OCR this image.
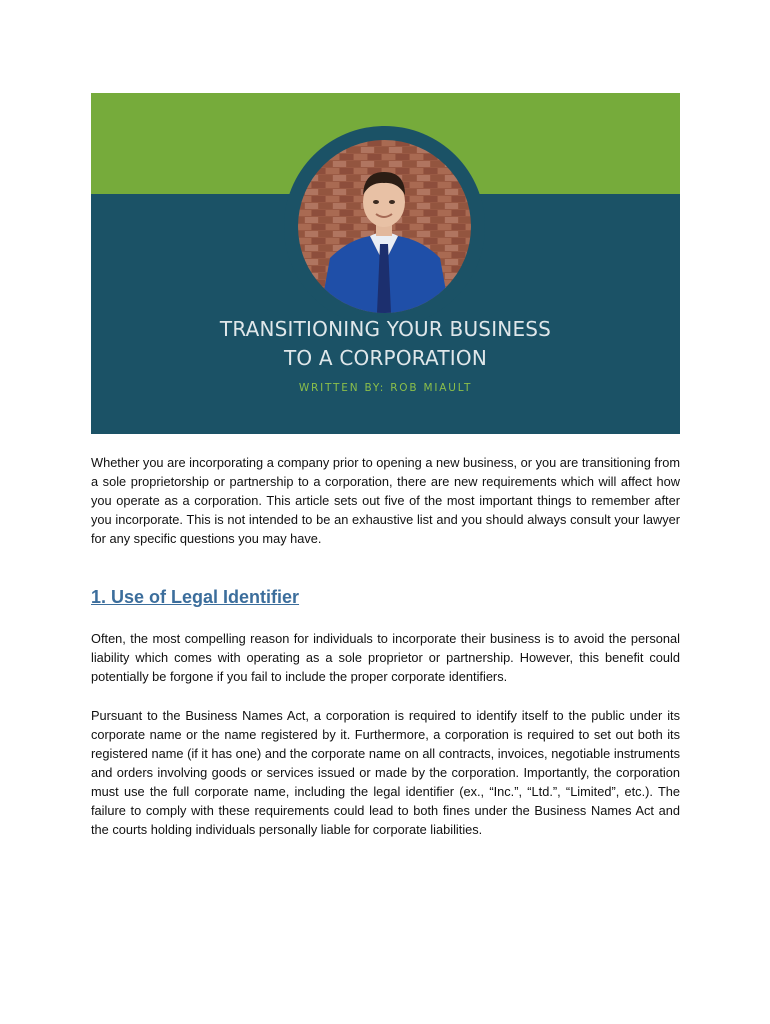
TRANSITIONING YOUR BUSINESS
TO A CORPORATION
WRITTEN BY: ROB MIAULT

Whether you are incorporating a company prior to opening a new business, or you are transitioning from a sole proprietorship or partnership to a corporation, there are new requirements which will affect how you operate as a corporation. This article sets out five of the most important things to remember after you incorporate. This is not intended to be an exhaustive list and you should always consult your lawyer for any specific questions you may have.

1. Use of Legal Identifier

Often, the most compelling reason for individuals to incorporate their business is to avoid the personal liability which comes with operating as a sole proprietor or partnership. However, this benefit could potentially be forgone if you fail to include the proper corporate identifiers.

Pursuant to the Business Names Act, a corporation is required to identify itself to the public under its corporate name or the name registered by it. Furthermore, a corporation is required to set out both its registered name (if it has one) and the corporate name on all contracts, invoices, negotiable instruments and orders involving goods or services issued or made by the corporation. Importantly, the corporation must use the full corporate name, including the legal identifier (ex., “Inc.”, “Ltd.”, “Limited”, etc.). The failure to comply with these requirements could lead to both fines under the Business Names Act and the courts holding individuals personally liable for corporate liabilities.
